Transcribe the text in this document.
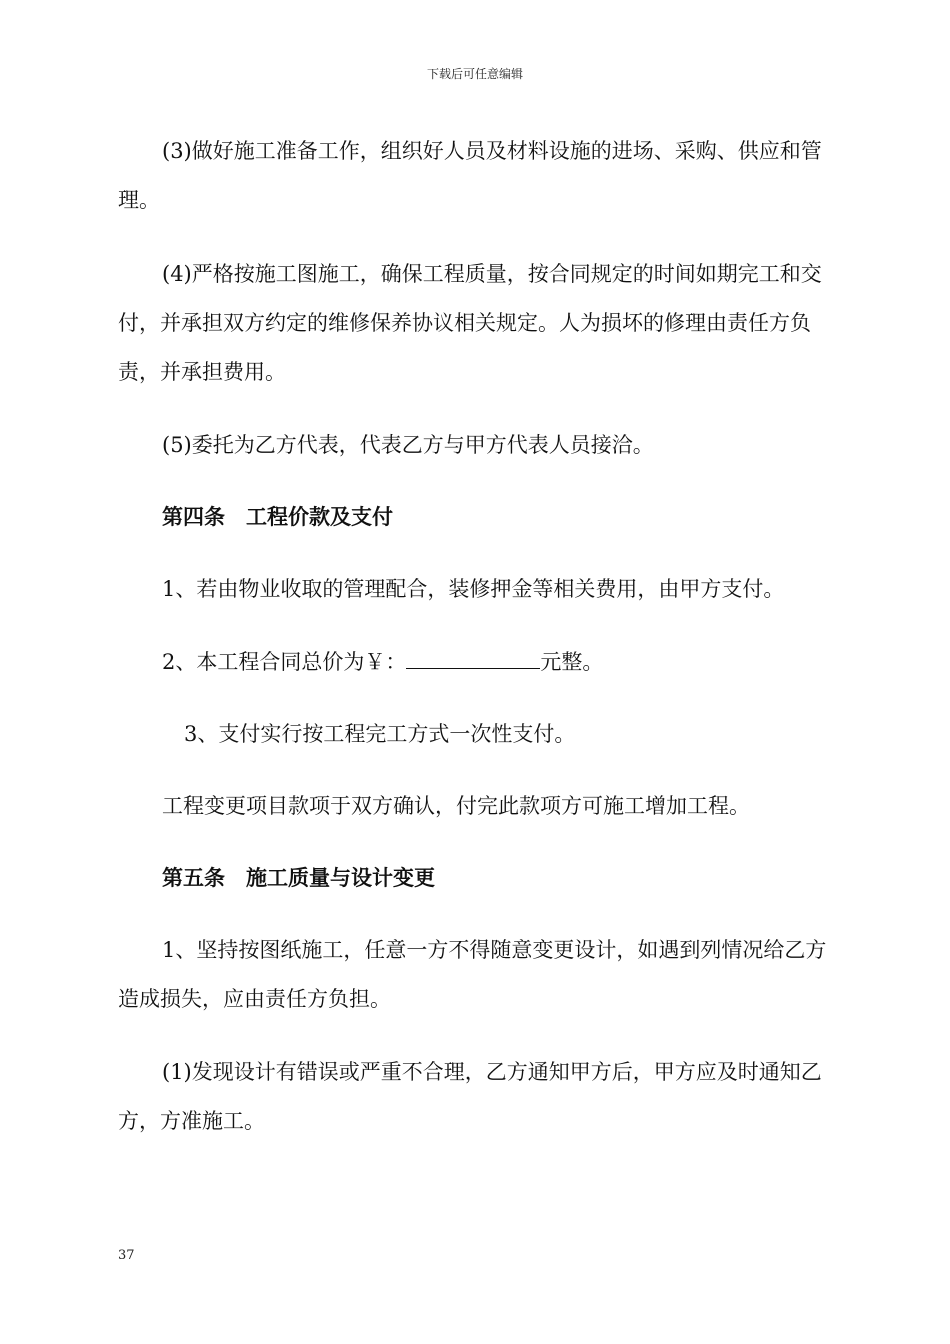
下载后可任意编辑

(3)做好施工准备工作，组织好人员及材料设施的进场、采购、供应和管理。

(4)严格按施工图施工，确保工程质量，按合同规定的时间如期完工和交付，并承担双方约定的维修保养协议相关规定。人为损坏的修理由责任方负责，并承担费用。

(5)委托为乙方代表，代表乙方与甲方代表人员接洽。

第四条　工程价款及支付

1、若由物业收取的管理配合，装修押金等相关费用，由甲方支付。

2、本工程合同总价为￥：	元整。

3、支付实行按工程完工方式一次性支付。

工程变更项目款项于双方确认，付完此款项方可施工增加工程。

第五条　施工质量与设计变更

1、坚持按图纸施工，任意一方不得随意变更设计，如遇到列情况给乙方造成损失，应由责任方负担。

(1)发现设计有错误或严重不合理，乙方通知甲方后，甲方应及时通知乙方，方准施工。

37
